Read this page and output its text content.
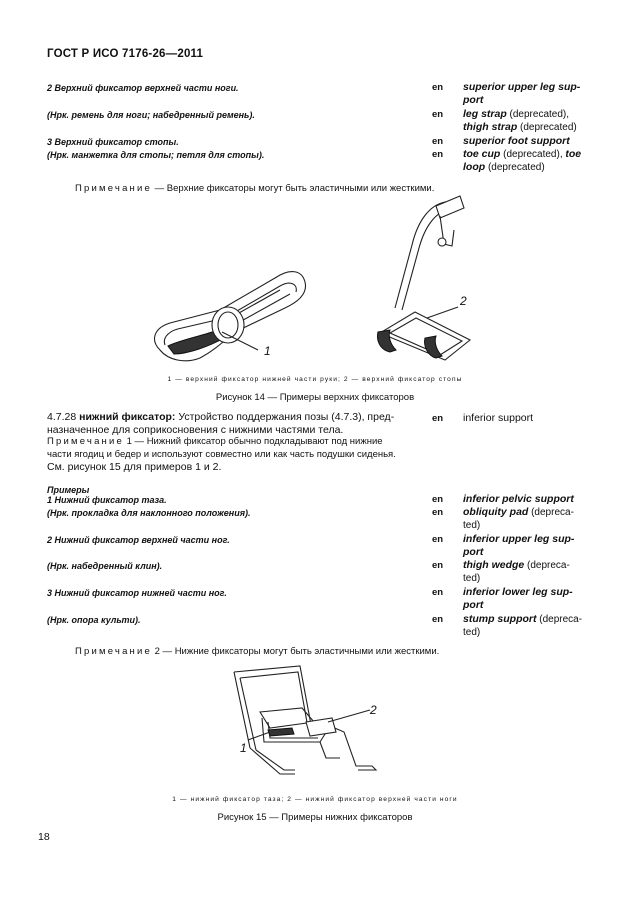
ГОСТ Р ИСО 7176-26—2011
2 Верхний фиксатор верхней части ноги.	en superior upper leg sup-
port
(Нрк. ремень для ноги; набедренный ремень).	en leg strap (deprecated),
thigh strap (deprecated)
3 Верхний фиксатор стопы.	en superior foot support
(Нрк. манжетка для стопы; петля для стопы).	en toe cup (deprecated), toe
loop (deprecated)
Примечание — Верхние фиксаторы могут быть эластичными или жесткими.
1
2
1 — верхний фиксатор нижней части руки; 2 — верхний фиксатор стопы
Рисунок 14 — Примеры верхних фиксаторов
4.7.28 нижний фиксатор: Устройство поддержания позы (4.7.3), пред-
назначенное для соприкосновения с нижними частями тела.
Примечание 1 — Нижний фиксатор обычно подкладывают под нижние
части ягодиц и бедер и используют совместно или как часть подушки сиденья.
См. рисунок 15 для примеров 1 и 2.
en inferior support
Примеры
1 Нижний фиксатор таза.	en inferior pelvic support
(Нрк. прокладка для наклонного положения).	en obliquity pad (depreca-
ted)
2 Нижний фиксатор верхней части ног.	en inferior upper leg sup-
port
(Нрк. набедренный клин).	en thigh wedge (depreca-
ted)
3 Нижний фиксатор нижней части ног.	en inferior lower leg sup-
port
(Нрк. опора культи).	en stump support (depreca-
ted)
Примечание 2 — Нижние фиксаторы могут быть эластичными или жесткими.
2
1
1 — нижний фиксатор таза; 2 — нижний фиксатор верхней части ноги
Рисунок 15 — Примеры нижних фиксаторов
18
